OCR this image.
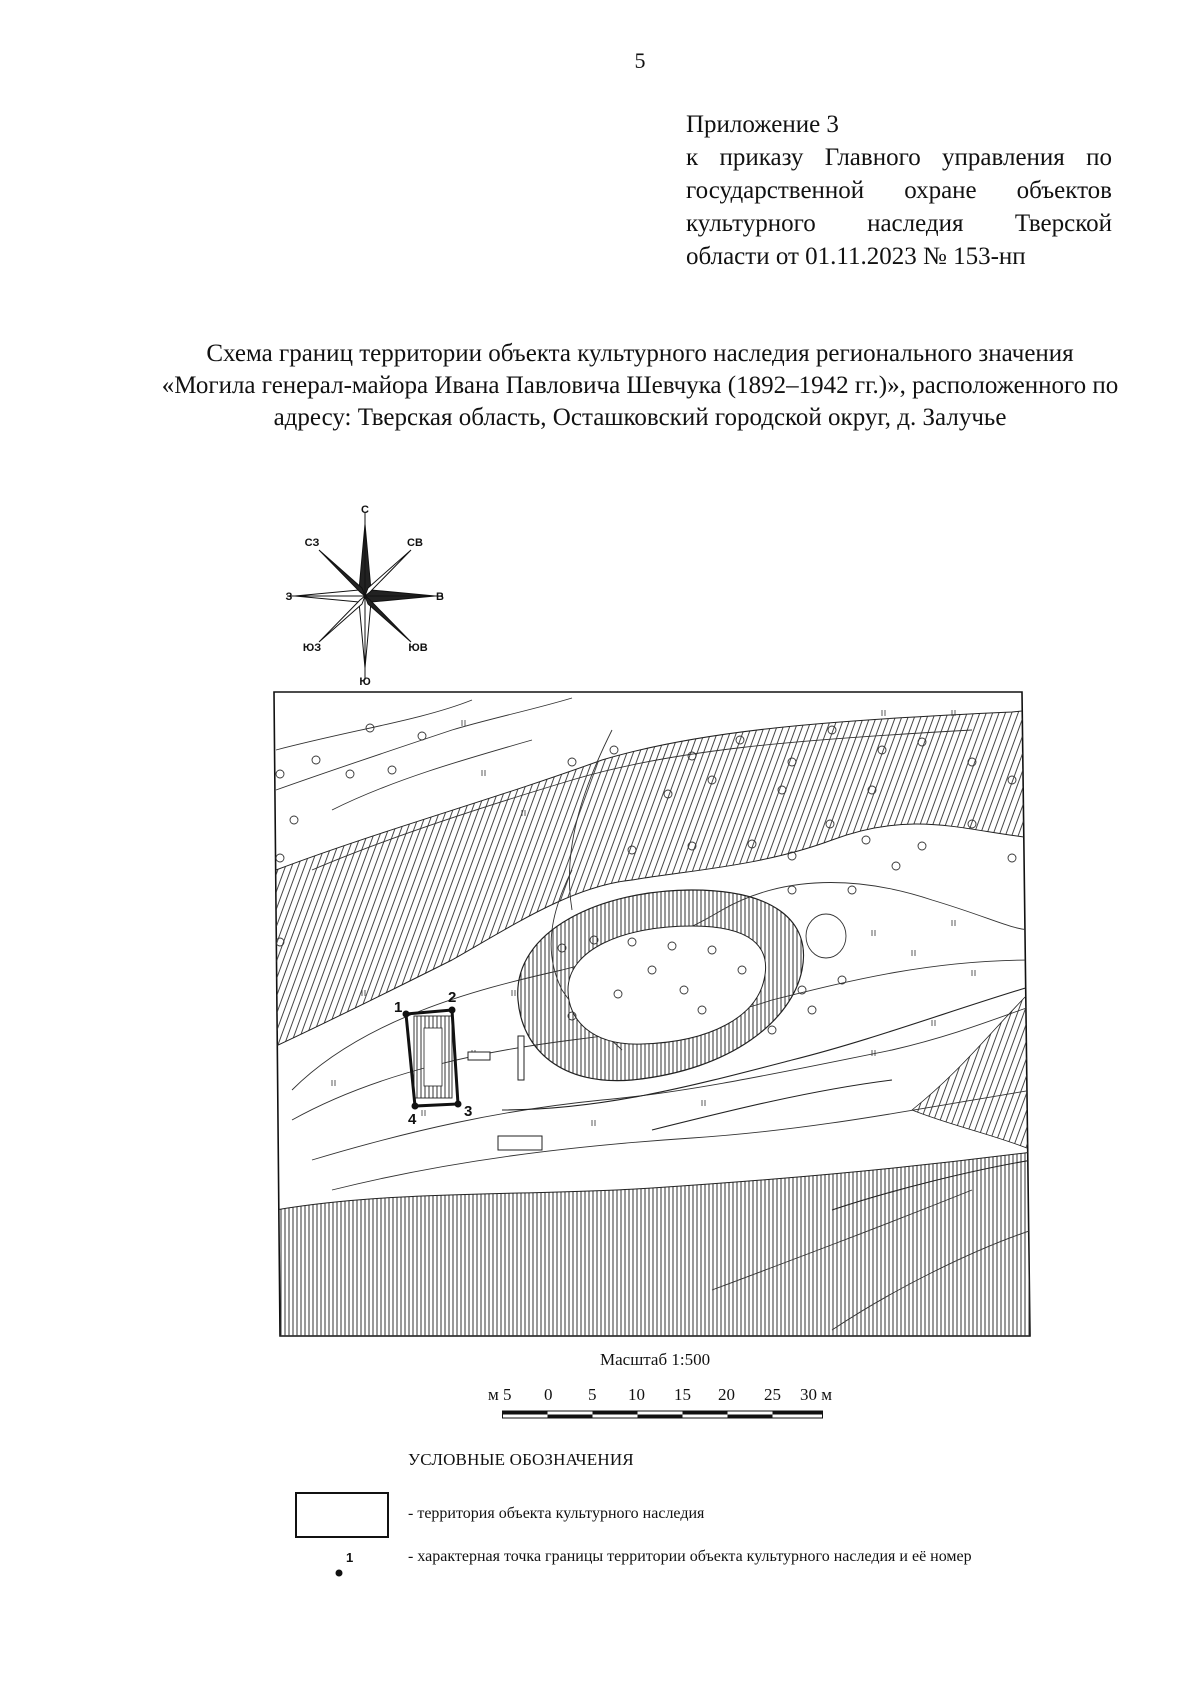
5
Приложение 3
к приказу Главного управления по
государственной охране объектов
культурного наследия Тверской
области от 01.11.2023 № 153-нп
Схема границ территории объекта культурного наследия регионального значения «Могила генерал-майора Ивана Павловича Шевчука (1892–1942 гг.)», расположенного по адресу: Тверская область, Осташковский городской округ, д. Залучье
С
СВ
В
ЮВ
Ю
ЮЗ
З
СЗ
1
2
3
4
Масштаб 1:500
м 5 0 5 10 15 20 25 30 м
УСЛОВНЫЕ ОБОЗНАЧЕНИЯ
- территория объекта культурного наследия
1	- характерная точка границы территории объекта культурного наследия и её номер
